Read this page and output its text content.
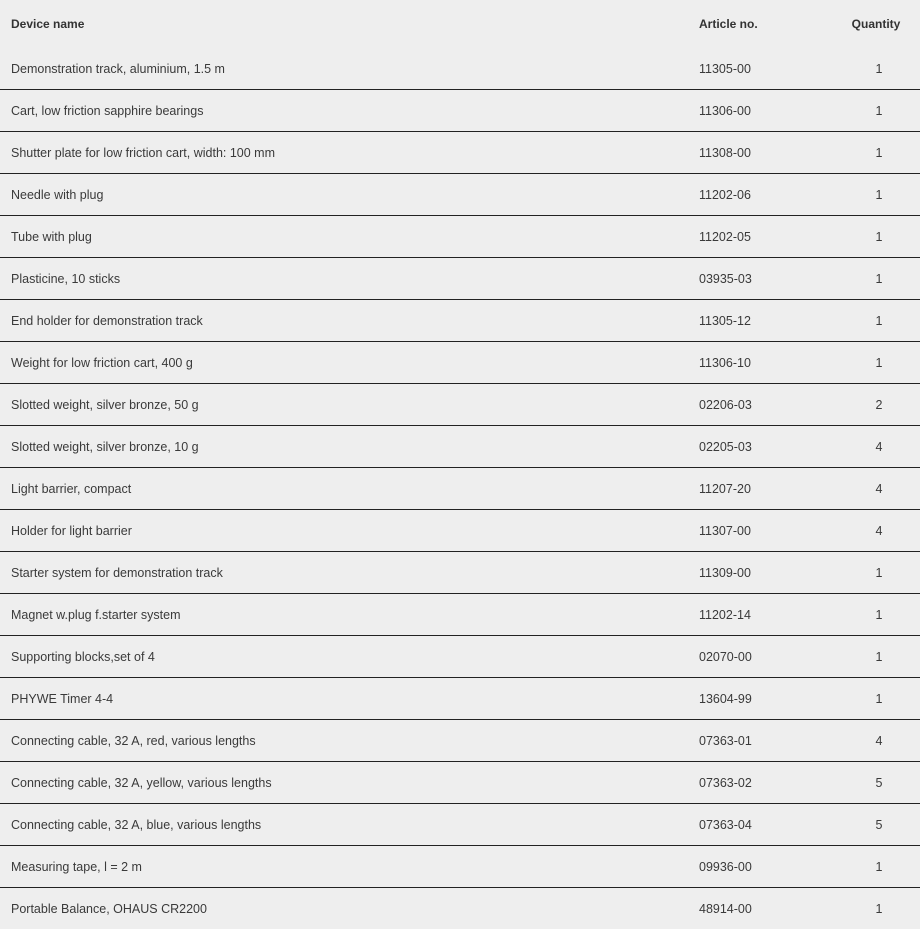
Device name	Article no.	Quantity
Demonstration track, aluminium, 1.5 m	11305-00	1
Cart, low friction sapphire bearings	11306-00	1
Shutter plate for low friction cart, width: 100 mm	11308-00	1
Needle with plug	11202-06	1
Tube with plug	11202-05	1
Plasticine, 10 sticks	03935-03	1
End holder for demonstration track	11305-12	1
Weight for low friction cart, 400 g	11306-10	1
Slotted weight, silver bronze, 50 g	02206-03	2
Slotted weight, silver bronze, 10 g	02205-03	4
Light barrier, compact	11207-20	4
Holder for light barrier	11307-00	4
Starter system for demonstration track	11309-00	1
Magnet w.plug f.starter system	11202-14	1
Supporting blocks,set of 4	02070-00	1
PHYWE Timer 4-4	13604-99	1
Connecting cable, 32 A, red, various lengths	07363-01	4
Connecting cable, 32 A, yellow, various lengths	07363-02	5
Connecting cable, 32 A, blue, various lengths	07363-04	5
Measuring tape, l = 2 m	09936-00	1
Portable Balance, OHAUS CR2200	48914-00	1
